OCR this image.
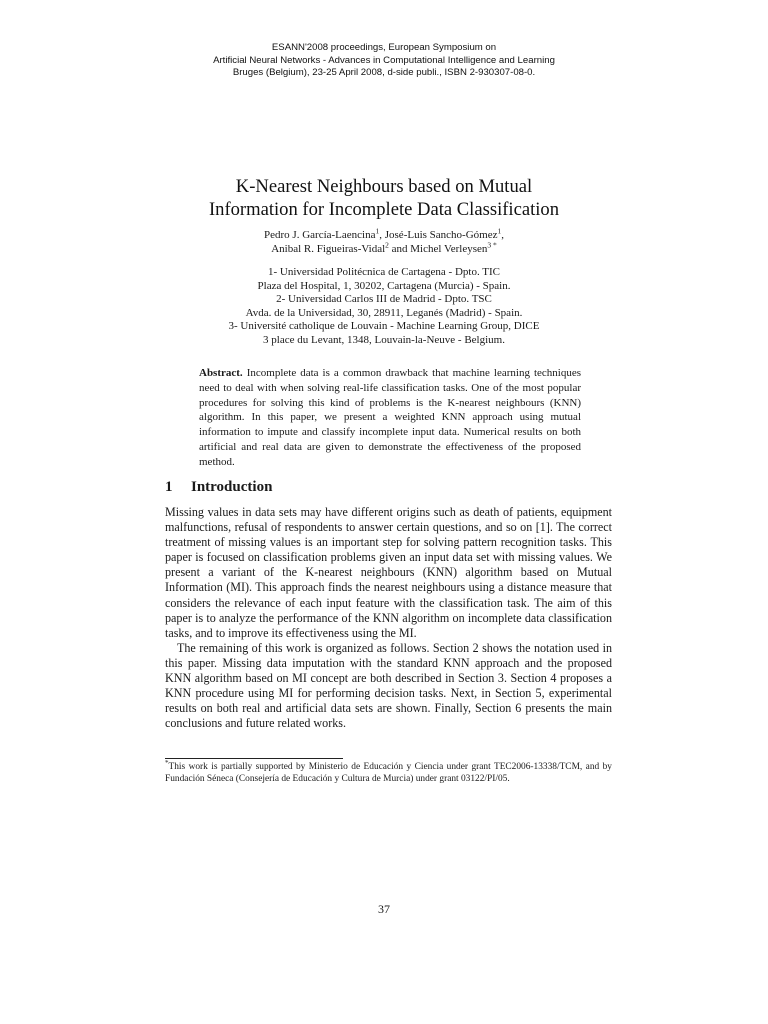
ESANN'2008 proceedings, European Symposium on
Artificial Neural Networks - Advances in Computational Intelligence and Learning
Bruges (Belgium), 23-25 April 2008, d-side publi., ISBN 2-930307-08-0.
K-Nearest Neighbours based on Mutual
Information for Incomplete Data Classification
Pedro J. García-Laencina$^1$, José-Luis Sancho-Gómez$^1$,
Anibal R. Figueiras-Vidal$^2$ and Michel Verleysen$^{3 *}$
1- Universidad Politécnica de Cartagena - Dpto. TIC
Plaza del Hospital, 1, 30202, Cartagena (Murcia) - Spain.
2- Universidad Carlos III de Madrid - Dpto. TSC
Avda. de la Universidad, 30, 28911, Leganés (Madrid) - Spain.
3- Université catholique de Louvain - Machine Learning Group, DICE
3 place du Levant, 1348, Louvain-la-Neuve - Belgium.
Abstract. Incomplete data is a common drawback that machine learning techniques need to deal with when solving real-life classification tasks. One of the most popular procedures for solving this kind of problems is the K-nearest neighbours (KNN) algorithm. In this paper, we present a weighted KNN approach using mutual information to impute and classify incomplete input data. Numerical results on both artificial and real data are given to demonstrate the effectiveness of the proposed method.
1 Introduction

Missing values in data sets may have different origins such as death of patients, equipment malfunctions, refusal of respondents to answer certain questions, and so on [1]. The correct treatment of missing values is an important step for solving pattern recognition tasks. This paper is focused on classification problems given an input data set with missing values. We present a variant of the K-nearest neighbours (KNN) algorithm based on Mutual Information (MI). This approach finds the nearest neighbours using a distance measure that considers the relevance of each input feature with the classification task. The aim of this paper is to analyze the performance of the KNN algorithm on incomplete data classification tasks, and to improve its effectiveness using the MI.

The remaining of this work is organized as follows. Section 2 shows the notation used in this paper. Missing data imputation with the standard KNN approach and the proposed KNN algorithm based on MI concept are both described in Section 3. Section 4 proposes a KNN procedure using MI for performing decision tasks. Next, in Section 5, experimental results on both real and artificial data sets are shown. Finally, Section 6 presents the main conclusions and future related works.

*This work is partially supported by Ministerio de Educación y Ciencia under grant TEC2006-13338/TCM, and by Fundación Séneca (Consejería de Educación y Cultura de Murcia) under grant 03122/PI/05.
37
